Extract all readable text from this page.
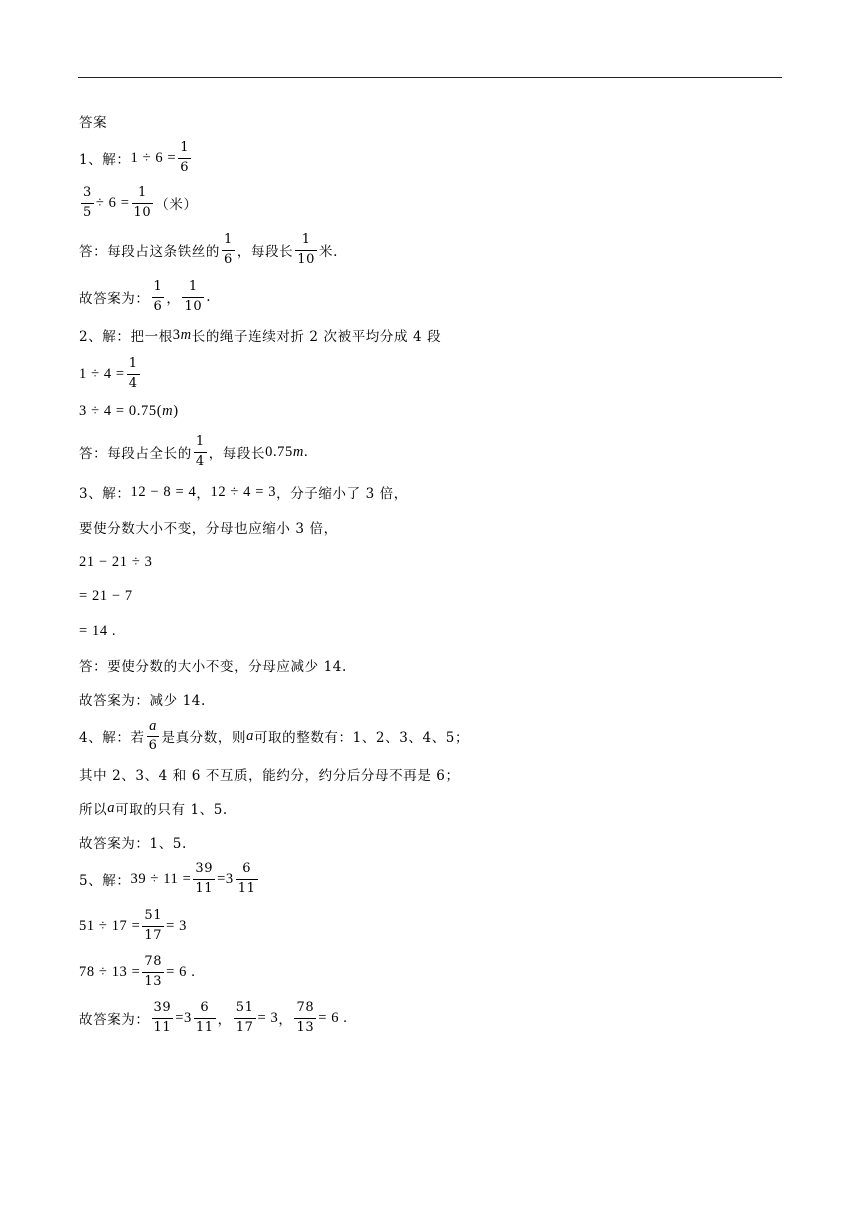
答案
1、解： $1 \div 6 = \frac{1}{6}$
$\frac{3}{5} \div 6 = \frac{1}{10}$ （米）
答：每段占这条铁丝的 $\frac{1}{6}$ ，每段长 $\frac{1}{10}$ 米.
故答案为： $\frac{1}{6}$ ， $\frac{1}{10}$ .
2、解：把一根 3 m 长的绳子连续对折 2 次被平均分成 4 段
$1 \div 4 = \frac{1}{4}$
3 ÷ 4 = 0.75( m )
答：每段占全长的 $\frac{1}{4}$ ，每段长 0.75 m .
3、解： 12 − 8 = 4 ， 12 ÷ 4 = 3 ，分子缩小了 3 倍，
要使分数大小不变，分母也应缩小 3 倍，
21 − 21 ÷ 3
= 21 − 7
= 14 .
答：要使分数的大小不变，分母应减少 14.
故答案为：减少 14.
4、解：若 $\frac{a}{6}$ 是真分数，则 a 可取的整数有：1、2、3、4、5；
其中 2、3、4 和 6 不互质，能约分，约分后分母不再是 6；
所以 a 可取的只有 1、5.
故答案为：1、5.
5、解： $39 \div 11 = \frac{39}{11} = 3 \frac{6}{11}$
$51 \div 17 = \frac{51}{17} = 3$
$78 \div 13 = \frac{78}{13} = 6$ .
故答案为： $\frac{39}{11} = 3 \frac{6}{11}$ ， $\frac{51}{17} = 3$ ， $\frac{78}{13} = 6$ .
